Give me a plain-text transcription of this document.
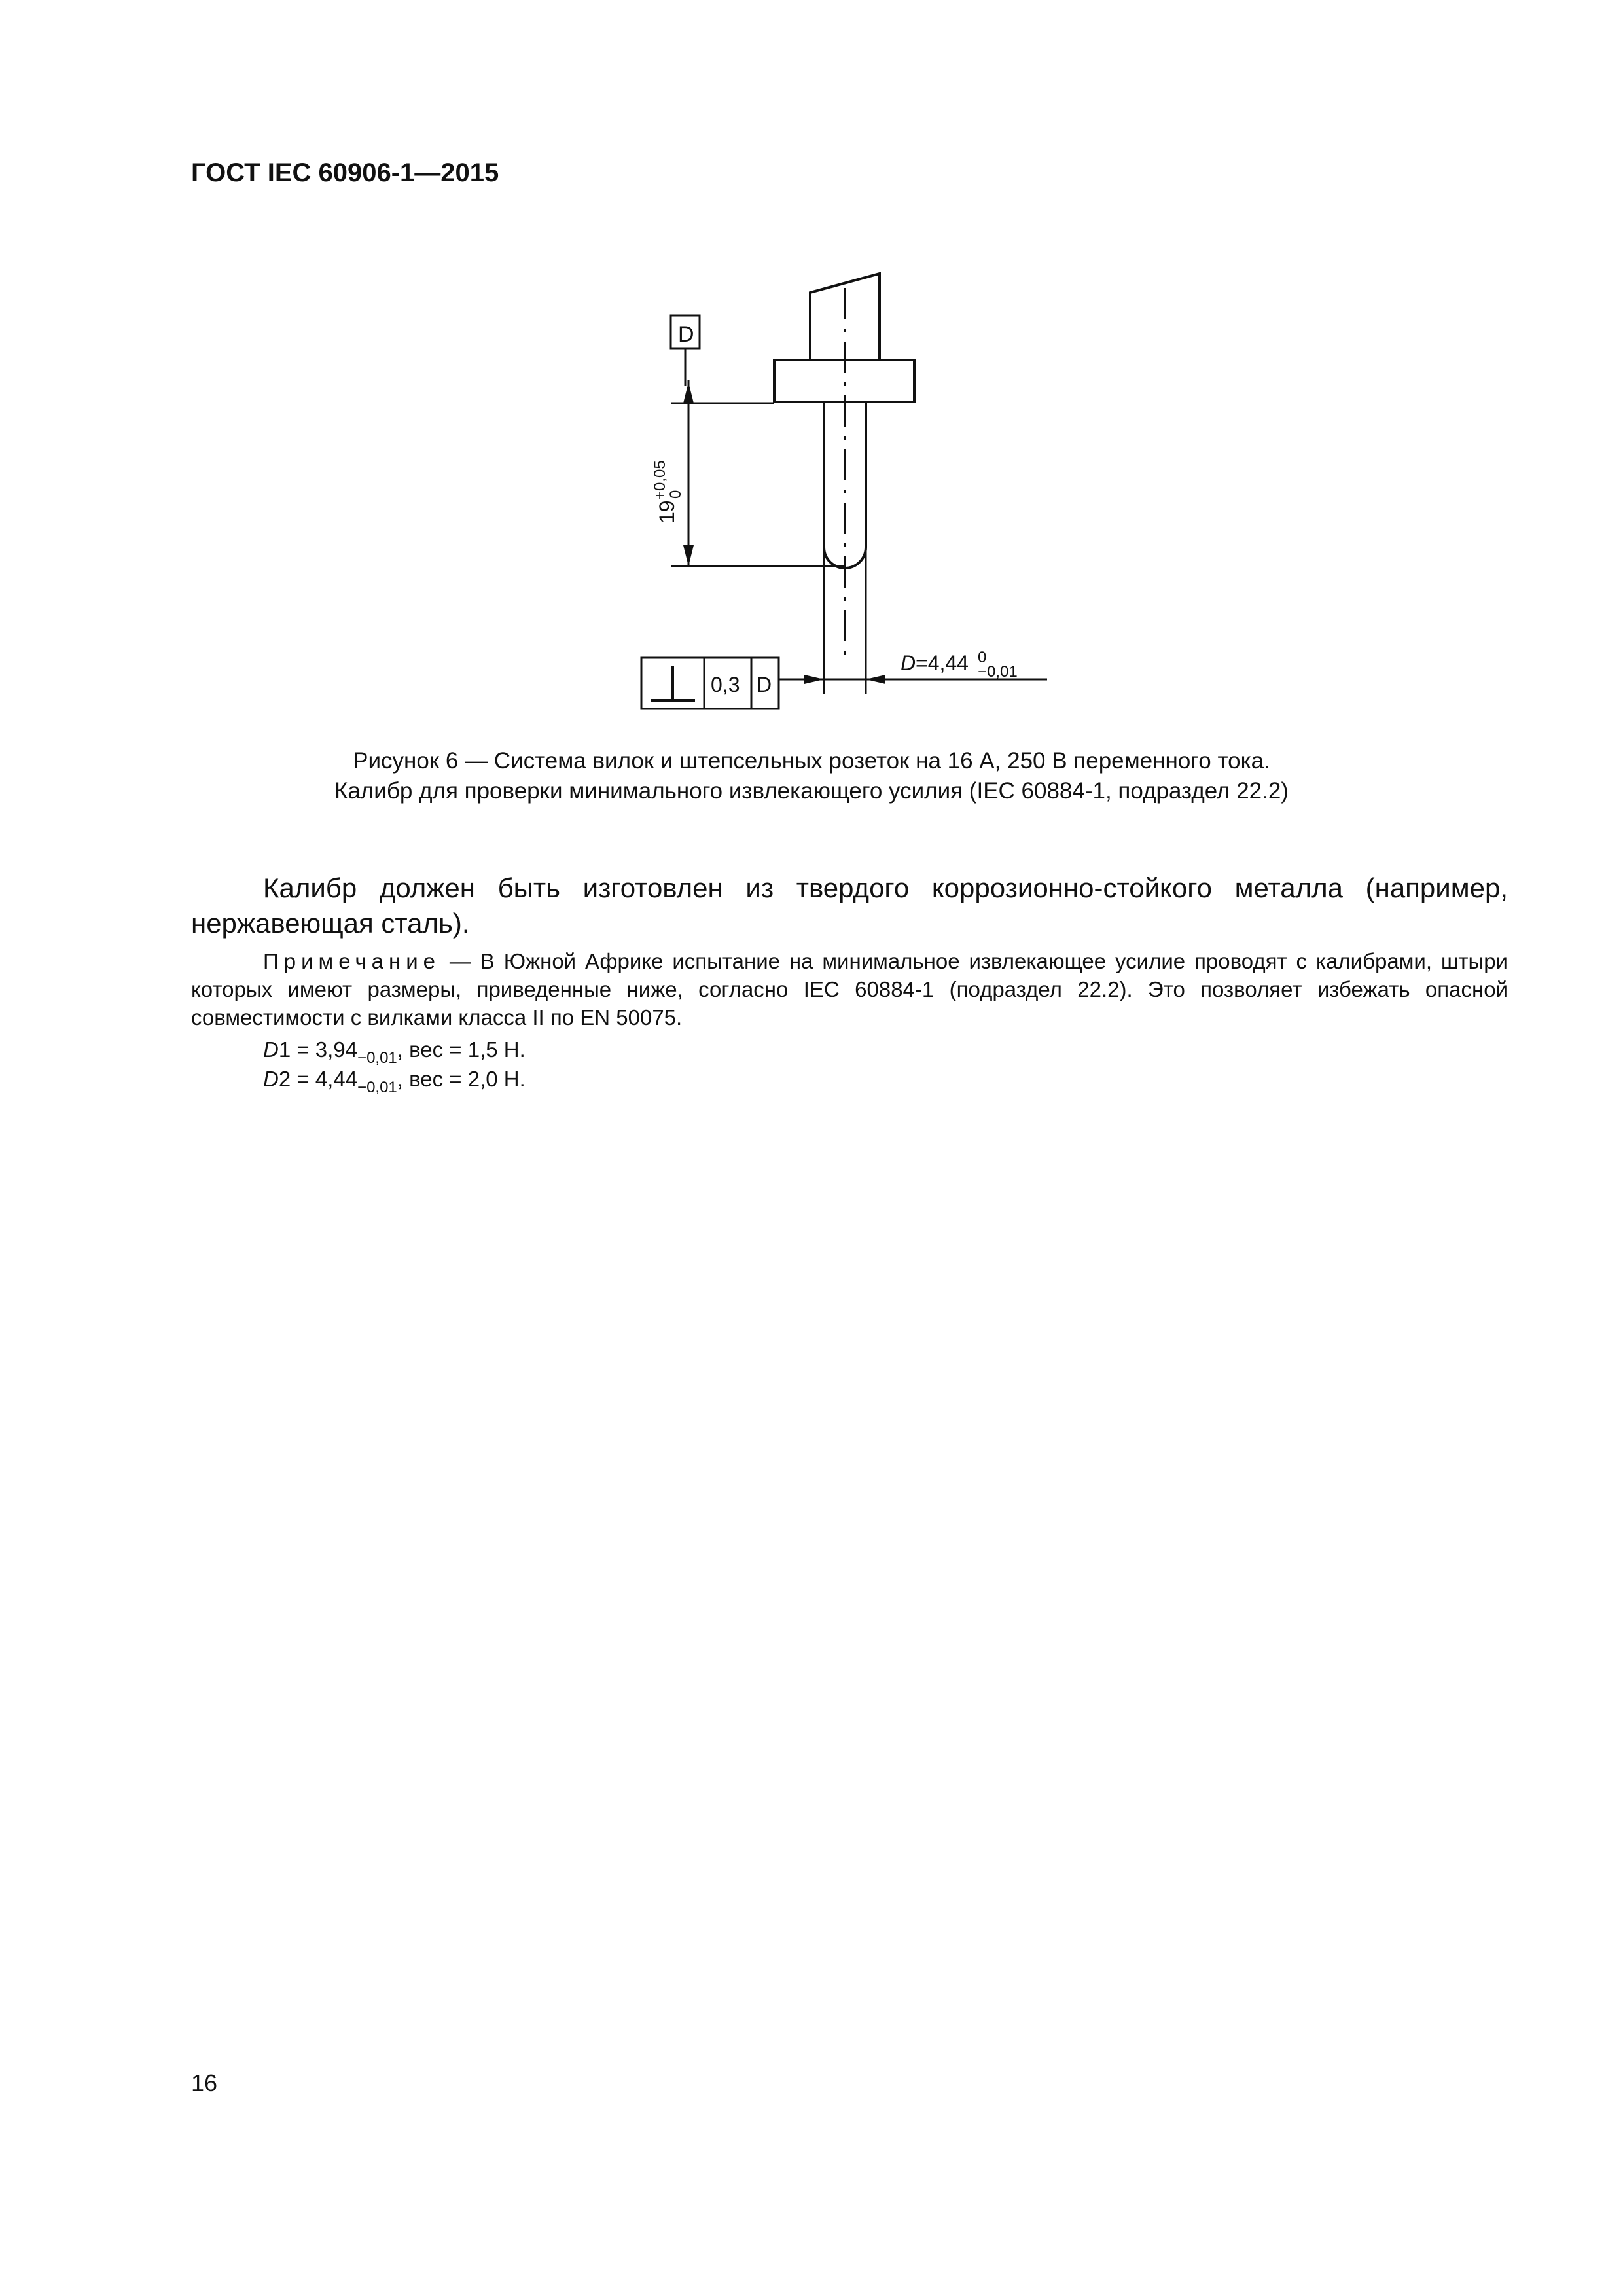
ГОСТ IEC 60906-1—2015
D
19
+0,05
0
0,3 D
D =4,44 0
−0,01
Рисунок 6 — Система вилок и штепсельных розеток на 16 А, 250 В переменного тока.
Калибр для проверки минимального извлекающего усилия (IEC 60884-1, подраздел 22.2)
Калибр должен быть изготовлен из твердого коррозионно-стойкого металла (например, нержавеющая сталь).
Примечание — В Южной Африке испытание на минимальное извлекающее усилие проводят с калибрами, штыри которых имеют размеры, приведенные ниже, согласно IEC 60884-1 (подраздел 22.2). Это позволяет избежать опасной совместимости с вилками класса II по EN 50075.
$D1 = 3,94_{-0,01}$, вес = 1,5 Н.
$D2 = 4,44_{-0,01}$, вес = 2,0 Н.
16
